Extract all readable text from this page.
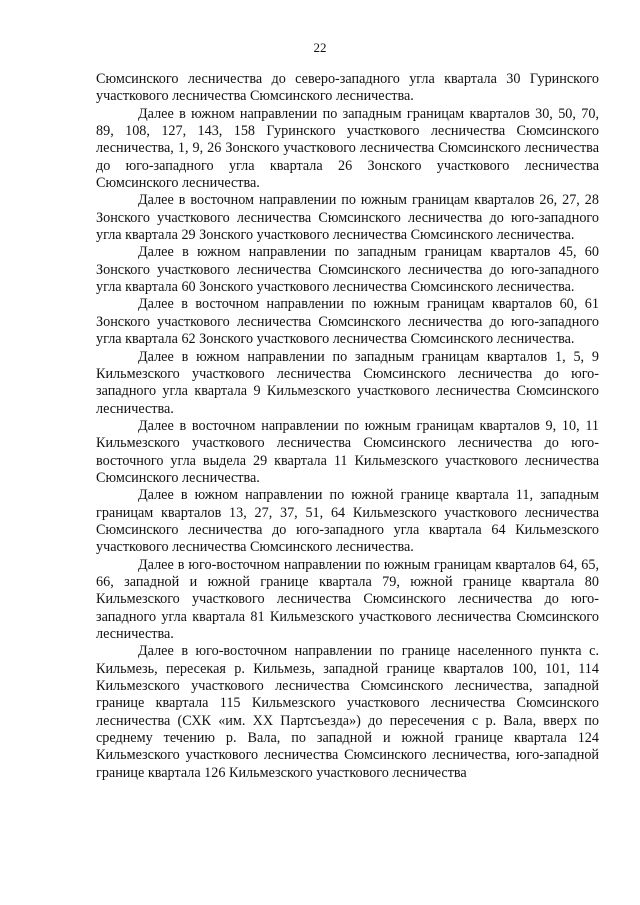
22

Сюмсинского лесничества до северо-западного угла квартала 30 Гуринского участкового лесничества Сюмсинского лесничества.

Далее в южном направлении по западным границам кварталов 30, 50, 70, 89, 108, 127, 143, 158 Гуринского участкового лесничества Сюмсинского лесничества, 1, 9, 26 Зонского участкового лесничества Сюмсинского лесничества до юго-западного угла квартала 26 Зонского участкового лесничества Сюмсинского лесничества.

Далее в восточном направлении по южным границам кварталов 26, 27, 28 Зонского участкового лесничества Сюмсинского лесничества до юго-западного угла квартала 29 Зонского участкового лесничества Сюмсинского лесничества.

Далее в южном направлении по западным границам кварталов 45, 60 Зонского участкового лесничества Сюмсинского лесничества до юго-западного угла квартала 60 Зонского участкового лесничества Сюмсинского лесничества.

Далее в восточном направлении по южным границам кварталов 60, 61 Зонского участкового лесничества Сюмсинского лесничества до юго-западного угла квартала 62 Зонского участкового лесничества Сюмсинского лесничества.

Далее в южном направлении по западным границам кварталов 1, 5, 9 Кильмезского участкового лесничества Сюмсинского лесничества до юго-западного угла квартала 9 Кильмезского участкового лесничества Сюмсинского лесничества.

Далее в восточном направлении по южным границам кварталов 9, 10, 11 Кильмезского участкового лесничества Сюмсинского лесничества до юго-восточного угла выдела 29 квартала 11 Кильмезского участкового лесничества Сюмсинского лесничества.

Далее в южном направлении по южной границе квартала 11, западным границам кварталов 13, 27, 37, 51, 64 Кильмезского участкового лесничества Сюмсинского лесничества до юго-западного угла квартала 64 Кильмезского участкового лесничества Сюмсинского лесничества.

Далее в юго-восточном направлении по южным границам кварталов 64, 65, 66, западной и южной границе квартала 79, южной границе квартала 80 Кильмезского участкового лесничества Сюмсинского лесничества до юго-западного угла квартала 81 Кильмезского участкового лесничества Сюмсинского лесничества.

Далее в юго-восточном направлении по границе населенного пункта с. Кильмезь, пересекая р. Кильмезь, западной границе кварталов 100, 101, 114 Кильмезского участкового лесничества Сюмсинского лесничества, западной границе квартала 115 Кильмезского участкового лесничества Сюмсинского лесничества (СХК «им. XX Партсъезда») до пересечения с р. Вала, вверх по среднему течению р. Вала, по западной и южной границе квартала 124 Кильмезского участкового лесничества Сюмсинского лесничества, юго-западной границе квартала 126 Кильмезского участкового лесничества
